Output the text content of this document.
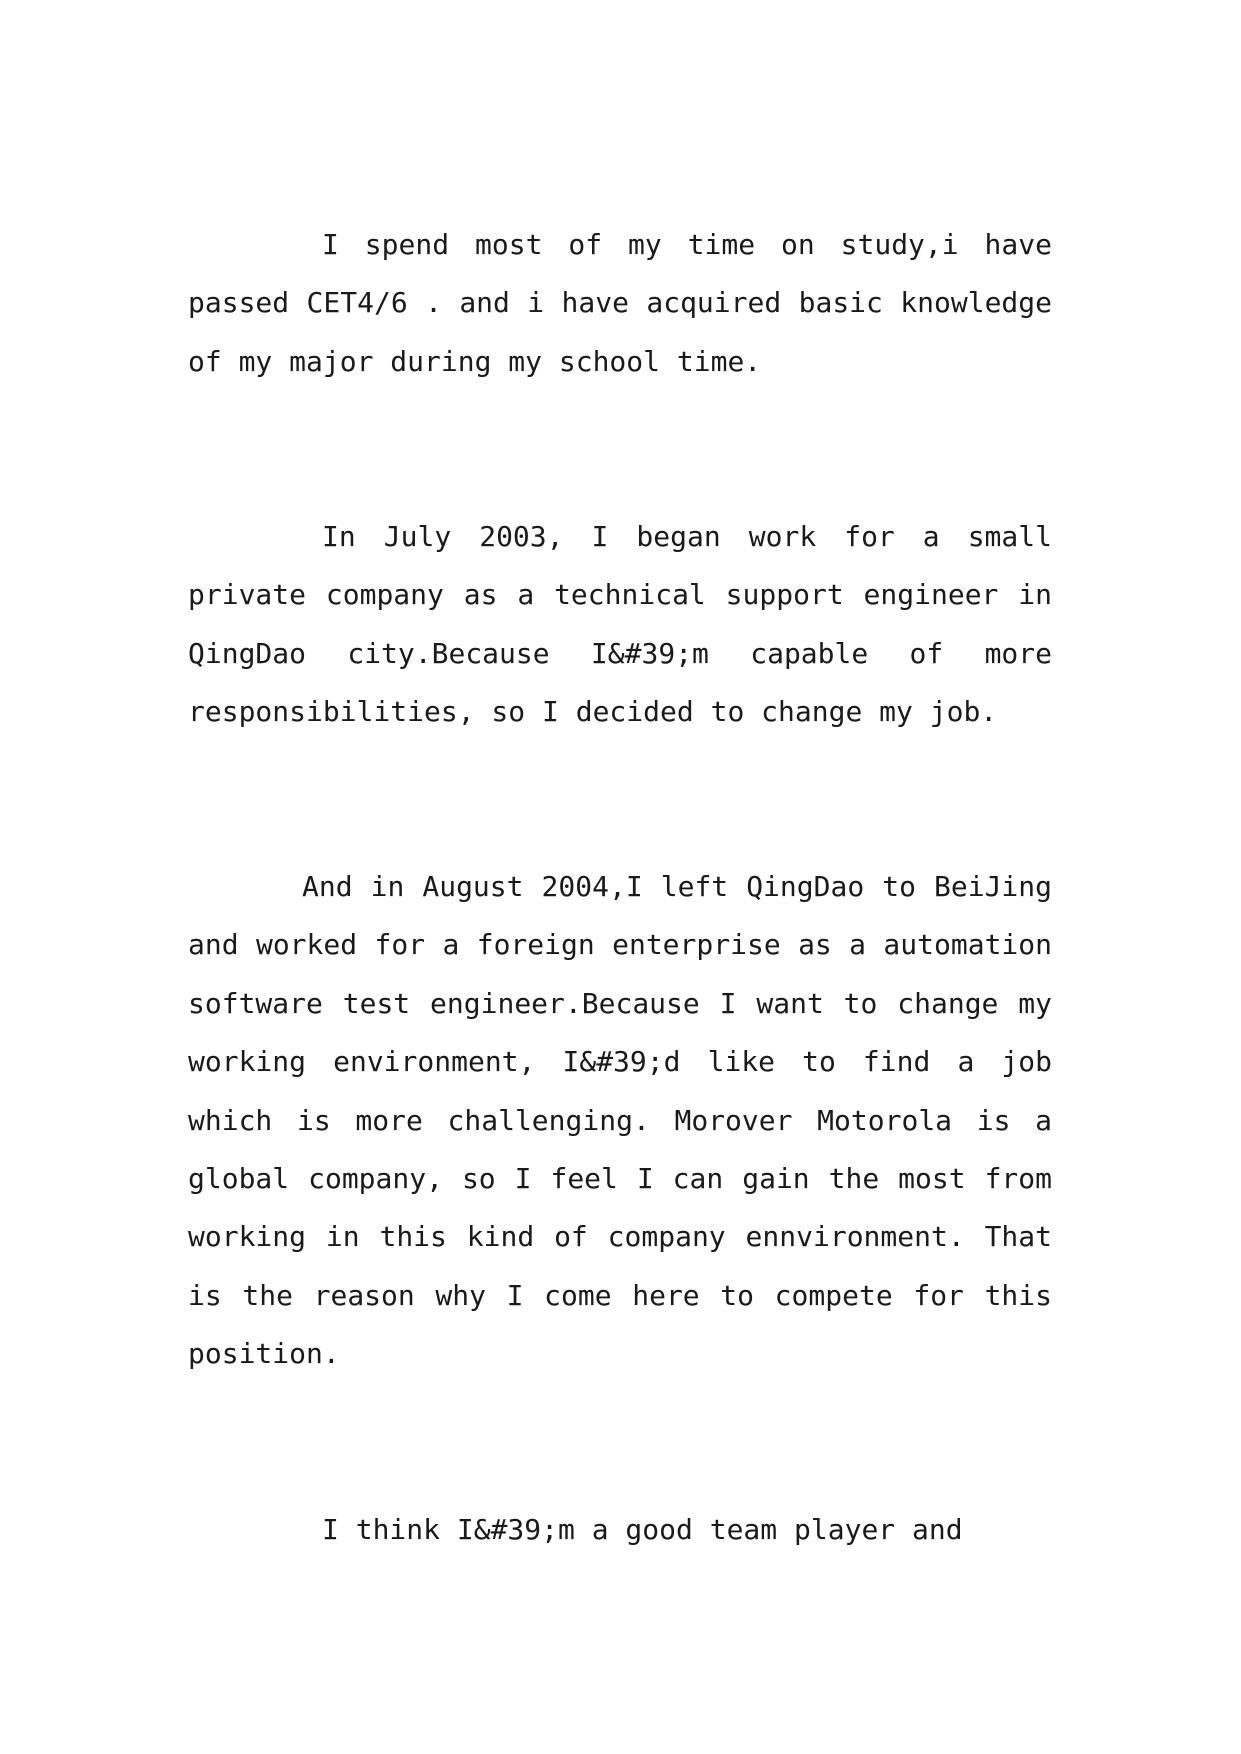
I spend most of my time on study,i have passed CET4/6 . and i have acquired basic knowledge of my major during my school time.

In July 2003, I began work for a small private company as a technical support engineer in QingDao city.Because I&#39;m capable of more responsibilities, so I decided to change my job.

And in August 2004,I left QingDao to BeiJing and worked for a foreign enterprise as a automation software test engineer.Because I want to change my working environment, I&#39;d like to find a job which is more challenging. Morover Motorola is a global company, so I feel I can gain the most from working in this kind of company ennvironment. That is the reason why I come here to compete for this position.

I think I&#39;m a good team player and
